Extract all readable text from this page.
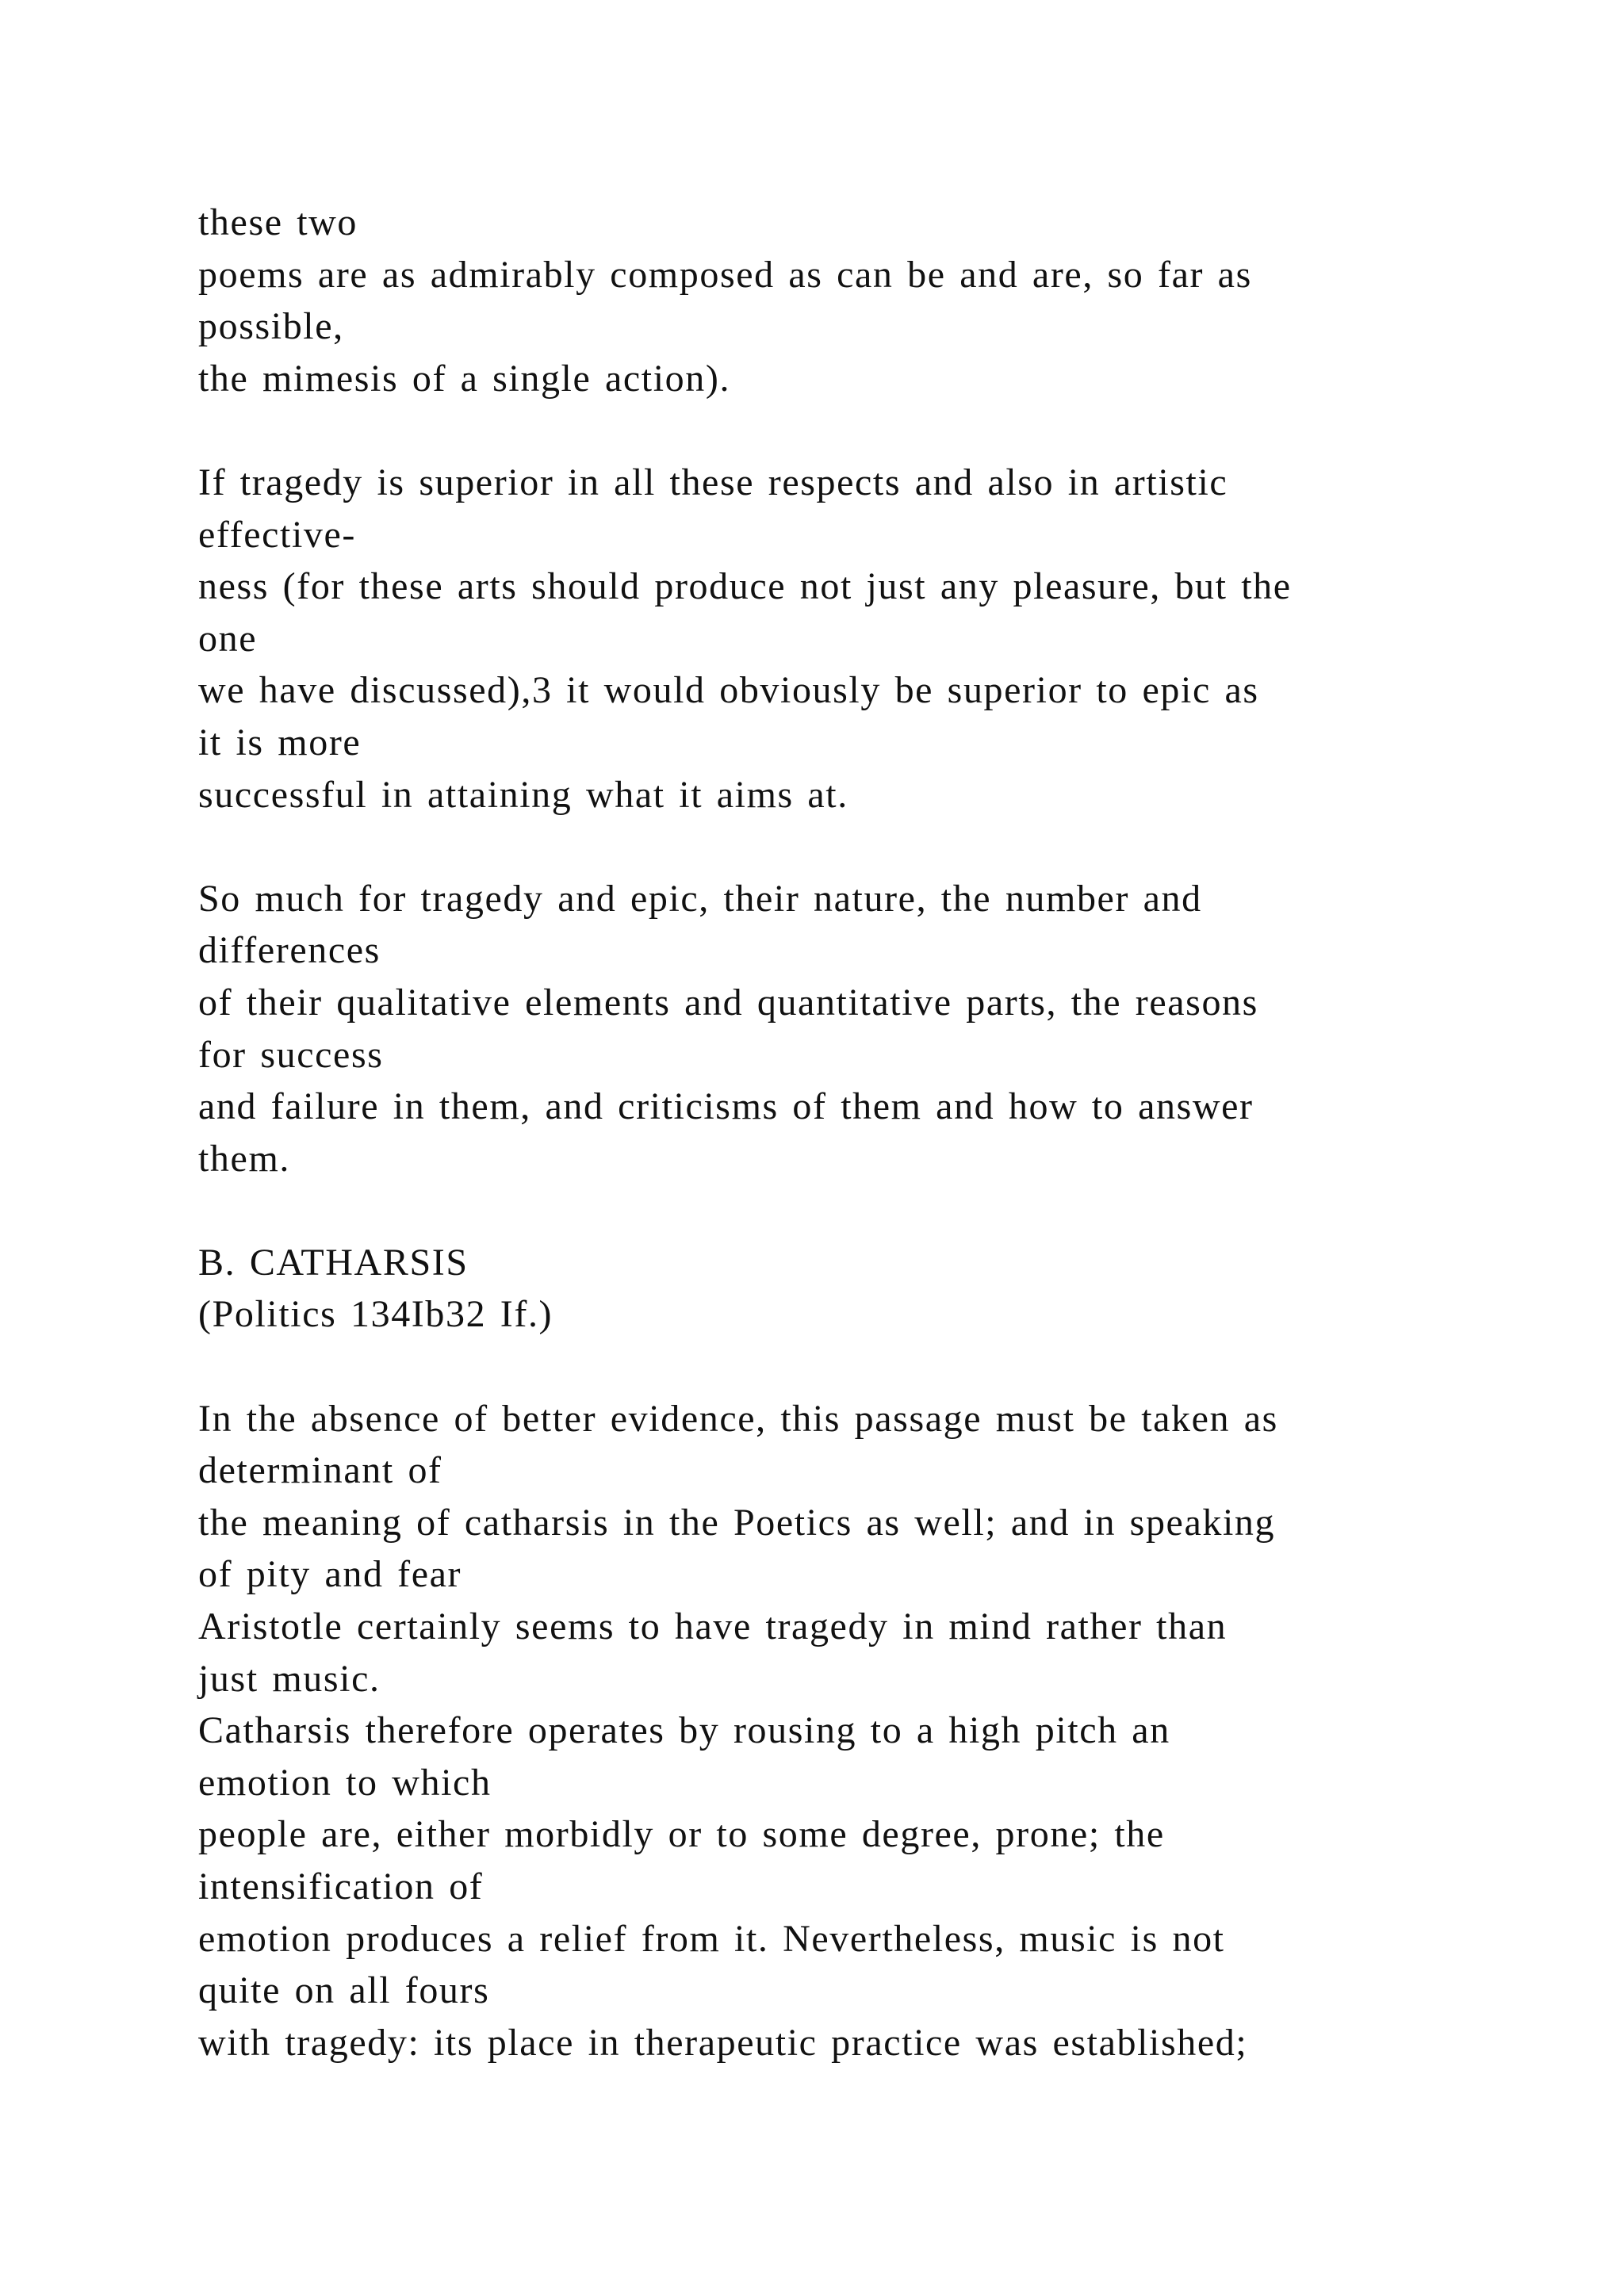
these two
poems are as admirably composed as can be and are, so far as
possible,
the mimesis of a single action).
If tragedy is superior in all these respects and also in artistic
effective-
ness (for these arts should produce not just any pleasure, but the
one
we have discussed),3 it would obviously be superior to epic as
it is more
successful in attaining what it aims at.
So much for tragedy and epic, their nature, the number and
differences
of their qualitative elements and quantitative parts, the reasons
for success
and failure in them, and criticisms of them and how to answer
them.
B. CATHARSIS
(Politics 134Ib32 If.)
In the absence of better evidence, this passage must be taken as
determinant of
the meaning of catharsis in the Poetics as well; and in speaking
of pity and fear
Aristotle certainly seems to have tragedy in mind rather than
just music.
Catharsis therefore operates by rousing to a high pitch an
emotion to which
people are, either morbidly or to some degree, prone; the
intensification of
emotion produces a relief from it. Nevertheless, music is not
quite on all fours
with tragedy: its place in therapeutic practice was established;
